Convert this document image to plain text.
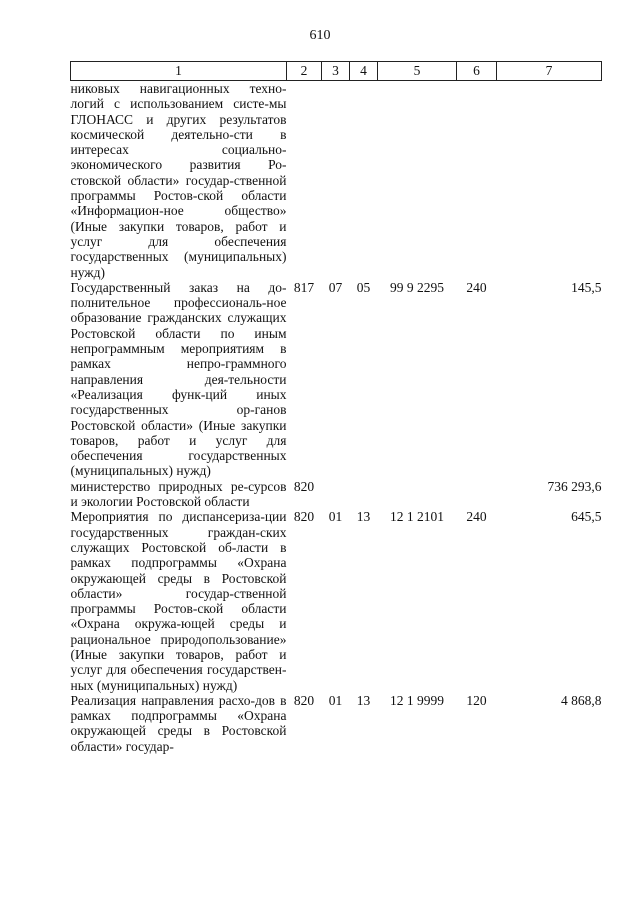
610
1	2	3	4	5	6	7
никовых навигационных техно-логий с использованием систе-мы ГЛОНАСС и других результатов космической деятельно-сти в интересах социально-экономического развития Ро-стовской области» государ-ственной программы Ростов-ской области «Информацион-ное общество» (Иные закупки товаров, работ и услуг для обеспечения государственных (муниципальных) нужд)						
Государственный заказ на до-полнительное профессиональ-ное образование гражданских служащих Ростовской области по иным непрограммным мероприятиям в рамках непро-граммного направления дея-тельности «Реализация функ-ций иных государственных ор-ганов Ростовской области» (Иные закупки товаров, работ и услуг для обеспечения государственных (муниципальных) нужд)	817	07	05	99 9 2295	240	145,5
министерство природных ре-сурсов и экологии Ростовской области	820					736 293,6
Мероприятия по диспансериза-ции государственных граждан-ских служащих Ростовской об-ласти в рамках подпрограммы «Охрана окружающей среды в Ростовской области» государ-ственной программы Ростов-ской области «Охрана окружа-ющей среды и рациональное природопользование» (Иные закупки товаров, работ и услуг для обеспечения государствен-ных (муниципальных) нужд)	820	01	13	12 1 2101	240	645,5
Реализация направления расхо-дов в рамках подпрограммы «Охрана окружающей среды в Ростовской области» государ-	820	01	13	12 1 9999	120	4 868,8
